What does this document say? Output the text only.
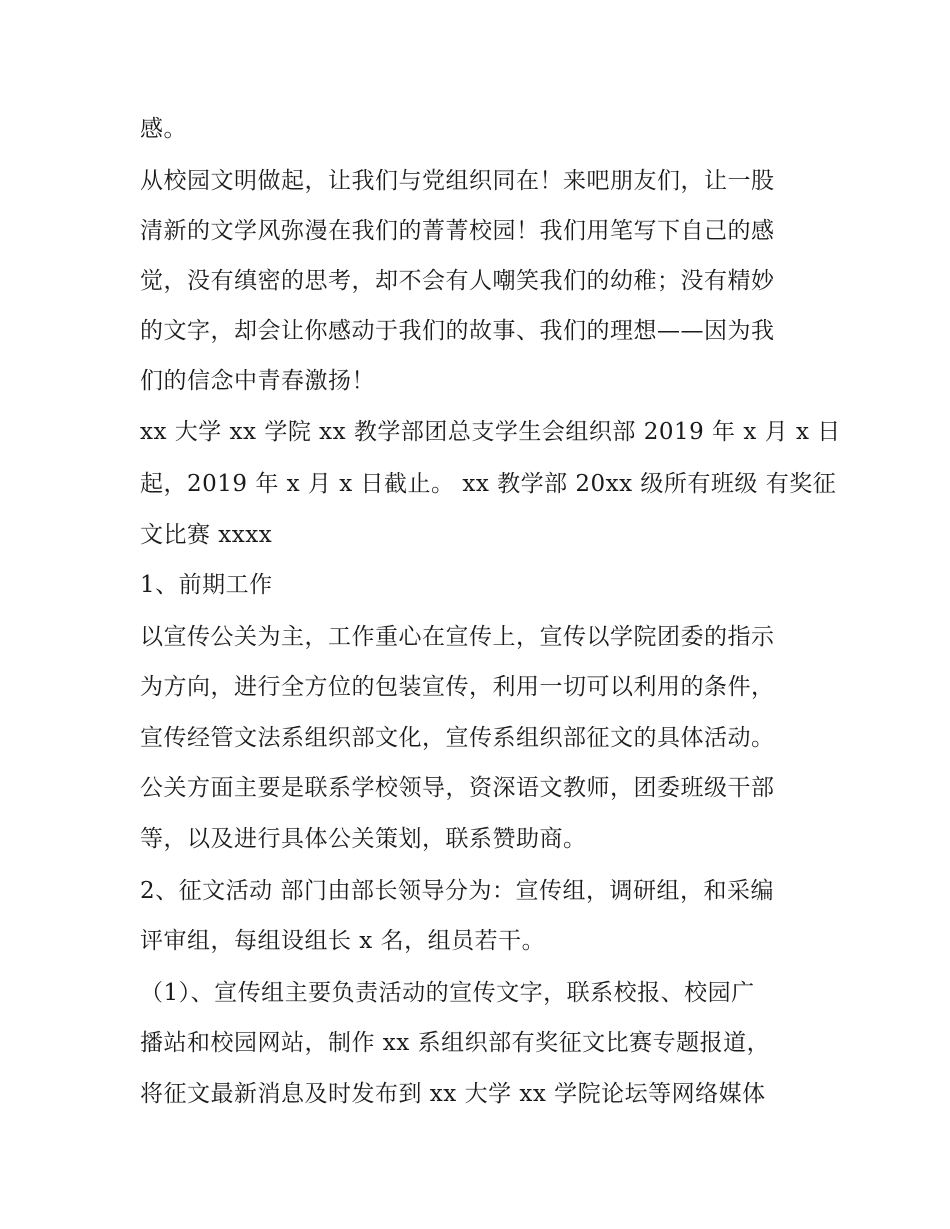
感。
从校园文明做起，让我们与党组织同在！来吧朋友们，让一股
清新的文学风弥漫在我们的菁菁校园！我们用笔写下自己的感
觉，没有缜密的思考，却不会有人嘲笑我们的幼稚；没有精妙
的文字，却会让你感动于我们的故事、我们的理想——因为我
们的信念中青春激扬！
xx 大学 xx 学院 xx 教学部团总支学生会组织部 2019 年 x 月 x 日
起，2019 年 x 月 x 日截止。 xx 教学部 20xx 级所有班级 有奖征
文比赛 xxxx
1、前期工作
以宣传公关为主，工作重心在宣传上，宣传以学院团委的指示
为方向，进行全方位的包装宣传，利用一切可以利用的条件，
宣传经管文法系组织部文化，宣传系组织部征文的具体活动。
公关方面主要是联系学校领导，资深语文教师，团委班级干部
等，以及进行具体公关策划，联系赞助商。
2、征文活动 部门由部长领导分为：宣传组，调研组，和采编
评审组，每组设组长 x 名，组员若干。
（1）、宣传组主要负责活动的宣传文字，联系校报、校园广
播站和校园网站，制作 xx 系组织部有奖征文比赛专题报道，
将征文最新消息及时发布到 xx 大学 xx 学院论坛等网络媒体
